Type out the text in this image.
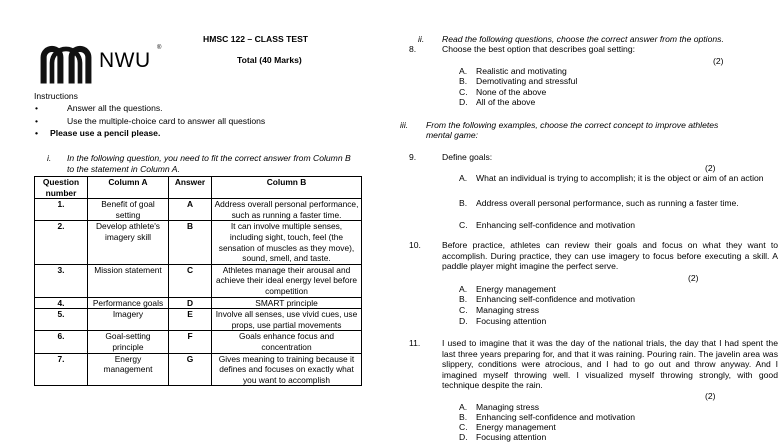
NWU
®
HMSC 122 – CLASS TEST
Total (40 Marks)
Instructions
•	Answer all the questions.
•	Use the multiple-choice card to answer all questions
• Please use a pencil please.
i. In the following question, you need to fit the correct answer from Column B
to the statement in Column A.
Question number	Column A	Answer	Column B
1.	Benefit of goal setting	A	Address overall personal performance, such as running a faster time.
2.	Develop athlete's imagery skill	B	It can involve multiple senses, including sight, touch, feel (the sensation of muscles as they move), sound, smell, and taste.
3.	Mission statement	C	Athletes manage their arousal and achieve their ideal energy level before competition
4.	Performance goals	D	SMART principle
5.	Imagery	E	Involve all senses, use vivid cues, use props, use partial movements
6.	Goal-setting principle	F	Goals enhance focus and concentration
7.	Energy management	G	Gives meaning to training because it defines and focuses on exactly what you want to accomplish
ii. Read the following questions, choose the correct answer from the options.
8.	Choose the best option that describes goal setting:
(2)
A. Realistic and motivating
B. Demotivating and stressful
C. None of the above
D. All of the above
iii. From the following examples, choose the correct concept to improve athletes
mental game:
9.	Define goals:
(2)
A. What an individual is trying to accomplish; it is the object or aim of an action
B. Address overall personal performance, such as running a faster time.
C. Enhancing self-confidence and motivation
10. Before practice, athletes can review their goals and focus on what they want to accomplish. During practice, they can use imagery to focus before executing a skill. A paddle player might imagine the perfect serve.
(2)
A. Energy management
B. Enhancing self-confidence and motivation
C. Managing stress
D. Focusing attention
11.	I used to imagine that it was the day of the national trials, the day that I had spent the last three years preparing for, and that it was raining. Pouring rain. The javelin area was slippery, conditions were atrocious, and I had to go out and throw anyway. And I imagined myself throwing well. I visualized myself throwing strongly, with good technique despite the rain.
(2)
A. Managing stress
B. Enhancing self-confidence and motivation
C. Energy management
D. Focusing attention
